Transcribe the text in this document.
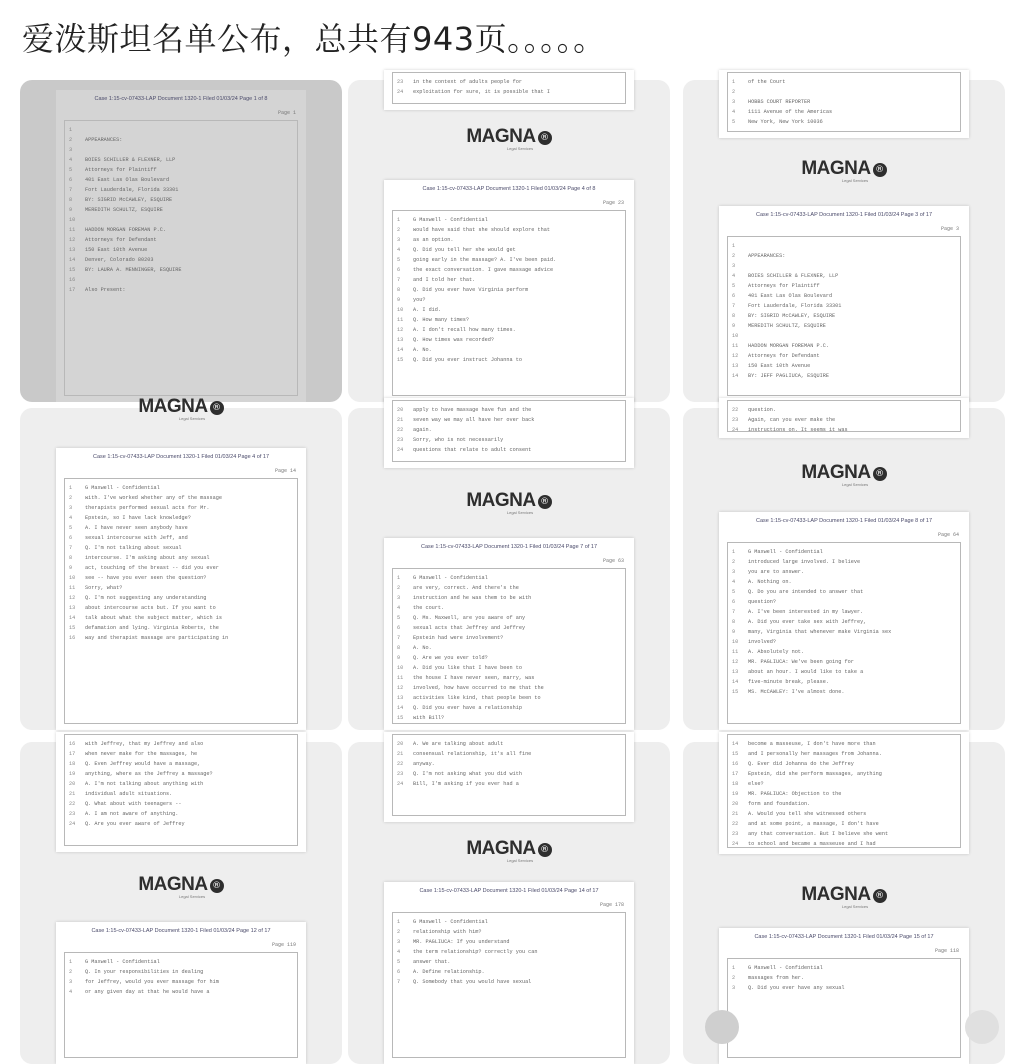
爱泼斯坦名单公布，总共有943页。。。。。
Case 1:15-cv-07433-LAP Document 1320-1 Filed 01/03/24 Page 1 of 8
Page 1
1
2	APPEARANCES:
3
4	BOIES SCHILLER & FLEXNER, LLP
5	Attorneys for Plaintiff
6	401 East Las Olas Boulevard
7	Fort Lauderdale, Florida 33301
8	BY: SIGRID McCAWLEY, ESQUIRE
9	MEREDITH SCHULTZ, ESQUIRE
10
11	HADDON MORGAN FOREMAN P.C.
12	Attorneys for Defendant
13	150 East 10th Avenue
14	Denver, Colorado 80203
15	BY: LAURA A. MENNINGER, ESQUIRE
16
17	Also Present:
23	in the context of adults people for
24	exploitation for sure, it is possible that I
MAGNA ®
Legal Services
Case 1:15-cv-07433-LAP Document 1320-1 Filed 01/03/24 Page 4 of 8
Page 23
1	G Maxwell - Confidential
2	would have said that she should explore that
3	as an option.
4	Q. Did you tell her she would get
5	going early in the massage? A. I've been paid.
6	the exact conversation. I gave massage advice
7	and I told her that.
8	Q. Did you ever have Virginia perform
9	you?
10	A. I did.
11	Q. How many times?
12	A. I don't recall how many times.
13	Q. How times was recorded?
14	A. No.
15	Q. Did you ever instruct Johanna to
1	of the Court
2
3	HOBBS COURT REPORTER
4	1111 Avenue of the Americas
5	New York, New York 10036
MAGNA ®
Legal Services
Case 1:15-cv-07433-LAP Document 1320-1 Filed 01/03/24 Page 3 of 17
Page 3
1
2	APPEARANCES:
3
4	BOIES SCHILLER & FLEXNER, LLP
5	Attorneys for Plaintiff
6	401 East Las Olas Boulevard
7	Fort Lauderdale, Florida 33301
8	BY: SIGRID McCAWLEY, ESQUIRE
9	MEREDITH SCHULTZ, ESQUIRE
10
11	HADDON MORGAN FOREMAN P.C.
12	Attorneys for Defendant
13	150 East 10th Avenue
14	BY: JEFF PAGLIUCA, ESQUIRE
MAGNA ®
Legal Services
Case 1:15-cv-07433-LAP Document 1320-1 Filed 01/03/24 Page 4 of 17
Page 14
1	G Maxwell - Confidential
2	with. I've worked whether any of the massage
3	therapists performed sexual acts for Mr.
4	Epstein, so I have lack knowledge?
5	A. I have never seen anybody have
6	sexual intercourse with Jeff, and
7	Q. I'm not talking about sexual
8	intercourse. I'm asking about any sexual
9	act, touching of the breast -- did you ever
10	see -- have you ever seen the question?
11	Sorry, what?
12	Q. I'm not suggesting any understanding
13	about intercourse acts but. If you want to
14	talk about what the subject matter, which is
15	defamation and lying. Virginia Roberts, the
16	way and therapist massage are participating in
20	apply to have massage have fun and the
21	seven way we may all have her over back
22	again.
23	Sorry, who is not necessarily
24	questions that relate to adult consent
MAGNA ®
Legal Services
Case 1:15-cv-07433-LAP Document 1320-1 Filed 01/03/24 Page 7 of 17
Page 63
1	G Maxwell - Confidential
2	are very, correct. And there's the
3	instruction and he was them to be with
4	the court.
5	Q. Ms. Maxwell, are you aware of any
6	sexual acts that Jeffrey and Jeffrey
7	Epstein had were involvement?
8	A. No.
9	Q. Are we you ever told?
10	A. Did you like that I have been to
11	the house I have never seen, marry, was
12	involved, how have occurred to me that the
13	activities like kind, that people been to
14	Q. Did you ever have a relationship
15	with Bill?
22	question.
23	Again, can you ever make the
24	instructions on. It seems it was
MAGNA ®
Legal Services
Case 1:15-cv-07433-LAP Document 1320-1 Filed 01/03/24 Page 8 of 17
Page 64
1	G Maxwell - Confidential
2	introduced large involved. I believe
3	you are to answer.
4	A. Nothing on.
5	Q. Do you are intended to answer that
6	question?
7	A. I've been interested in my lawyer.
8	A. Did you ever take sex with Jeffrey,
9	many, Virginia that whenever make Virginia sex
10	involved?
11	A. Absolutely not.
12	MR. PAGLIUCA: We've been going for
13	about an hour. I would like to take a
14	five-minute break, please.
15	MS. McCAWLEY: I've almost done.
16	with Jeffrey, that my Jeffrey and also
17	when never make for the massages, he
18	Q. Even Jeffrey would have a massage,
19	anything, where as the Jeffrey a massage?
20	A. I'm not talking about anything with
21	individual adult situations.
22	Q. What about with teenagers --
23	A. I am not aware of anything.
24	Q. Are you ever aware of Jeffrey
MAGNA ®
Legal Services
Case 1:15-cv-07433-LAP Document 1320-1 Filed 01/03/24 Page 12 of 17
Page 119
1	G Maxwell - Confidential
2	Q. In your responsibilities in dealing
3	for Jeffrey, would you ever massage for him
4	or any given day at that he would have a
20	A. We are talking about adult
21	consensual relationship, it's all fine
22	anyway.
23	Q. I'm not asking what you did with
24	Bill, I'm asking if you ever had a
MAGNA ®
Legal Services
Case 1:15-cv-07433-LAP Document 1320-1 Filed 01/03/24 Page 14 of 17
Page 178
1	G Maxwell - Confidential
2	relationship with him?
3	MR. PAGLIUCA: If you understand
4	the term relationship? correctly you can
5	answer that.
6	A. Define relationship.
7	Q. Somebody that you would have sexual
14	become a masseuse, I don't have more than
15	and I personally her massages from Johanna.
16	Q. Ever did Johanna do the Jeffrey
17	Epstein, did she perform massages, anything
18	else?
19	MR. PAGLIUCA: Objection to the
20	form and foundation.
21	A. Would you tell she witnessed others
22	and at some point, a massage, I don't have
23	any that conversation. But I believe she went
24	to school and became a masseuse and I had
MAGNA ®
Legal Services
Case 1:15-cv-07433-LAP Document 1320-1 Filed 01/03/24 Page 15 of 17
Page 118
1	G Maxwell - Confidential
2	massages from her.
3	Q. Did you ever have any sexual
